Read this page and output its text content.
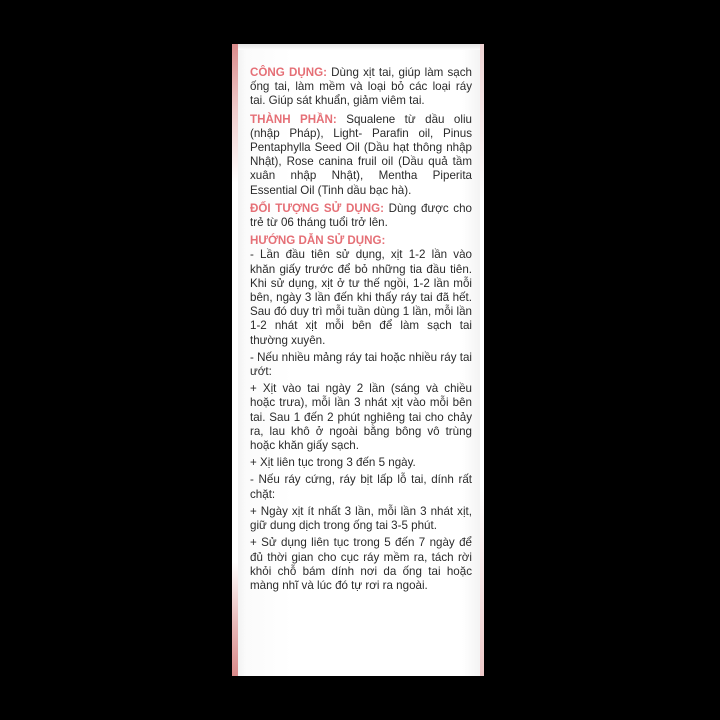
CÔNG DỤNG: Dùng xịt tai, giúp làm sạch ống tai, làm mềm và loại bỏ các loại ráy tai. Giúp sát khuẩn, giảm viêm tai.

THÀNH PHẦN: Squalene từ dầu oliu (nhập Pháp), Light- Parafin oil, Pinus Pentaphylla Seed Oil (Dầu hạt thông nhập Nhật), Rose canina fruil oil (Dầu quả tầm xuân nhập Nhật), Mentha Piperita Essential Oil (Tinh dầu bạc hà).

ĐỐI TƯỢNG SỬ DỤNG: Dùng được cho trẻ từ 06 tháng tuổi trở lên.

HƯỚNG DẪN SỬ DỤNG:
- Lần đầu tiên sử dụng, xịt 1-2 lần vào khăn giấy trước để bỏ những tia đầu tiên. Khi sử dụng, xịt ở tư thế ngồi, 1-2 lần mỗi bên, ngày 3 lần đến khi thấy ráy tai đã hết. Sau đó duy trì mỗi tuần dùng 1 lần, mỗi lần 1-2 nhát xịt mỗi bên để làm sạch tai thường xuyên.
- Nếu nhiều mảng ráy tai hoặc nhiều ráy tai ướt:
+ Xịt vào tai ngày 2 lần (sáng và chiều hoặc trưa), mỗi lần 3 nhát xịt vào mỗi bên tai. Sau 1 đến 2 phút nghiêng tai cho chảy ra, lau khô ở ngoài bằng bông vô trùng hoặc khăn giấy sạch.
+ Xịt liên tục trong 3 đến 5 ngày.
- Nếu ráy cứng, ráy bịt lấp lỗ tai, dính rất chặt:
+ Ngày xịt ít nhất 3 lần, mỗi lần 3 nhát xịt, giữ dung dịch trong ống tai 3-5 phút.
+ Sử dụng liên tục trong 5 đến 7 ngày để đủ thời gian cho cục ráy mềm ra, tách rời khỏi chỗ bám dính nơi da ống tai hoặc màng nhĩ và lúc đó tự rơi ra ngoài.
